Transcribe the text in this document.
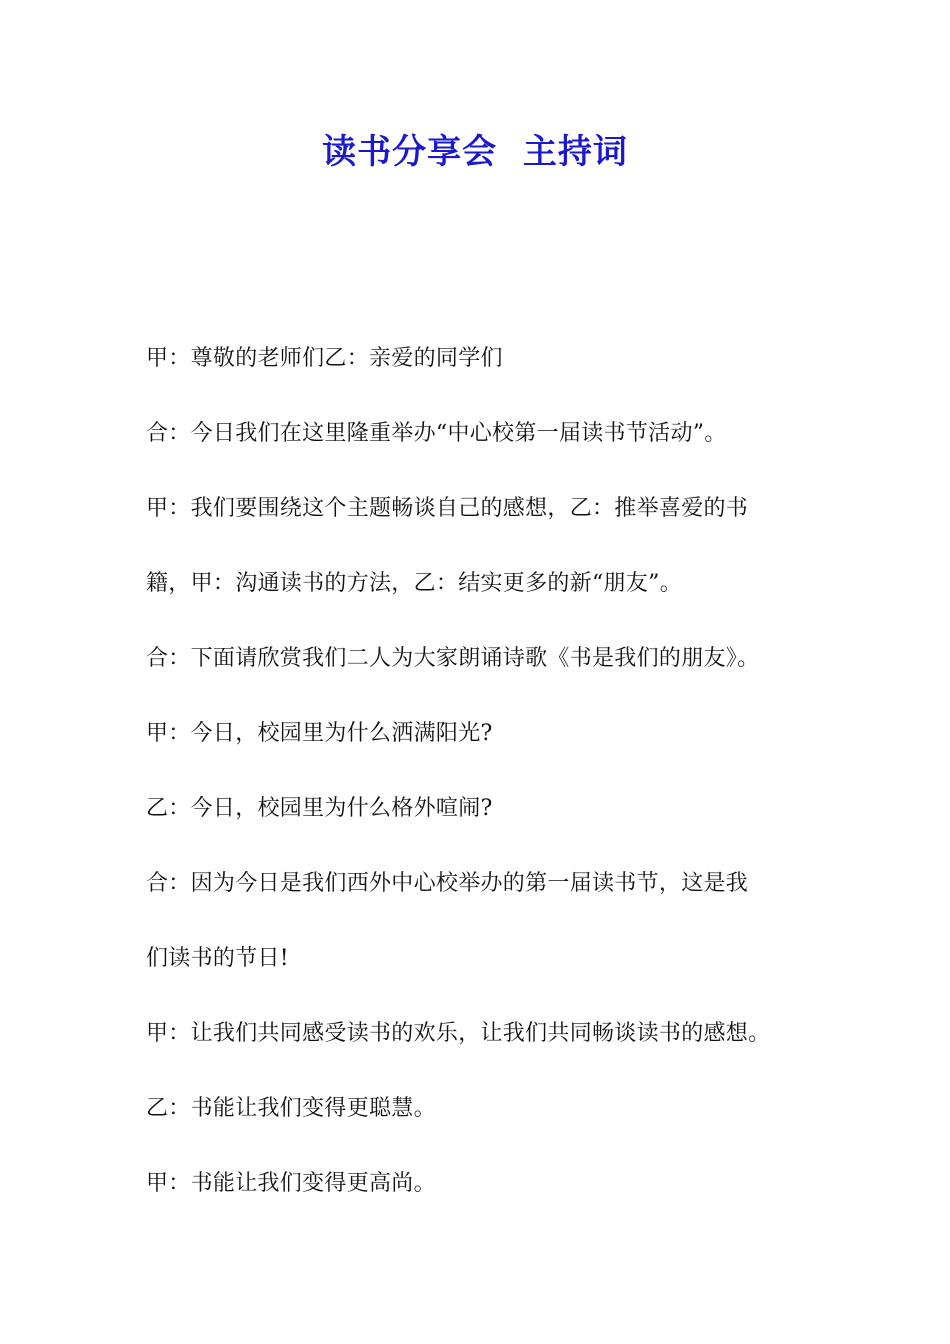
读书分享会  主持词
甲：尊敬的老师们乙：亲爱的同学们
合：今日我们在这里隆重举办“中心校第一届读书节活动”。
甲：我们要围绕这个主题畅谈自己的感想，乙：推举喜爱的书
籍，甲：沟通读书的方法，乙：结实更多的新“朋友”。
合：下面请欣赏我们二人为大家朗诵诗歌《书是我们的朋友》。
甲：今日，校园里为什么洒满阳光?
乙：今日，校园里为什么格外喧闹?
合：因为今日是我们西外中心校举办的第一届读书节，这是我
们读书的节日!
甲：让我们共同感受读书的欢乐，让我们共同畅谈读书的感想。
乙：书能让我们变得更聪慧。
甲：书能让我们变得更高尚。
